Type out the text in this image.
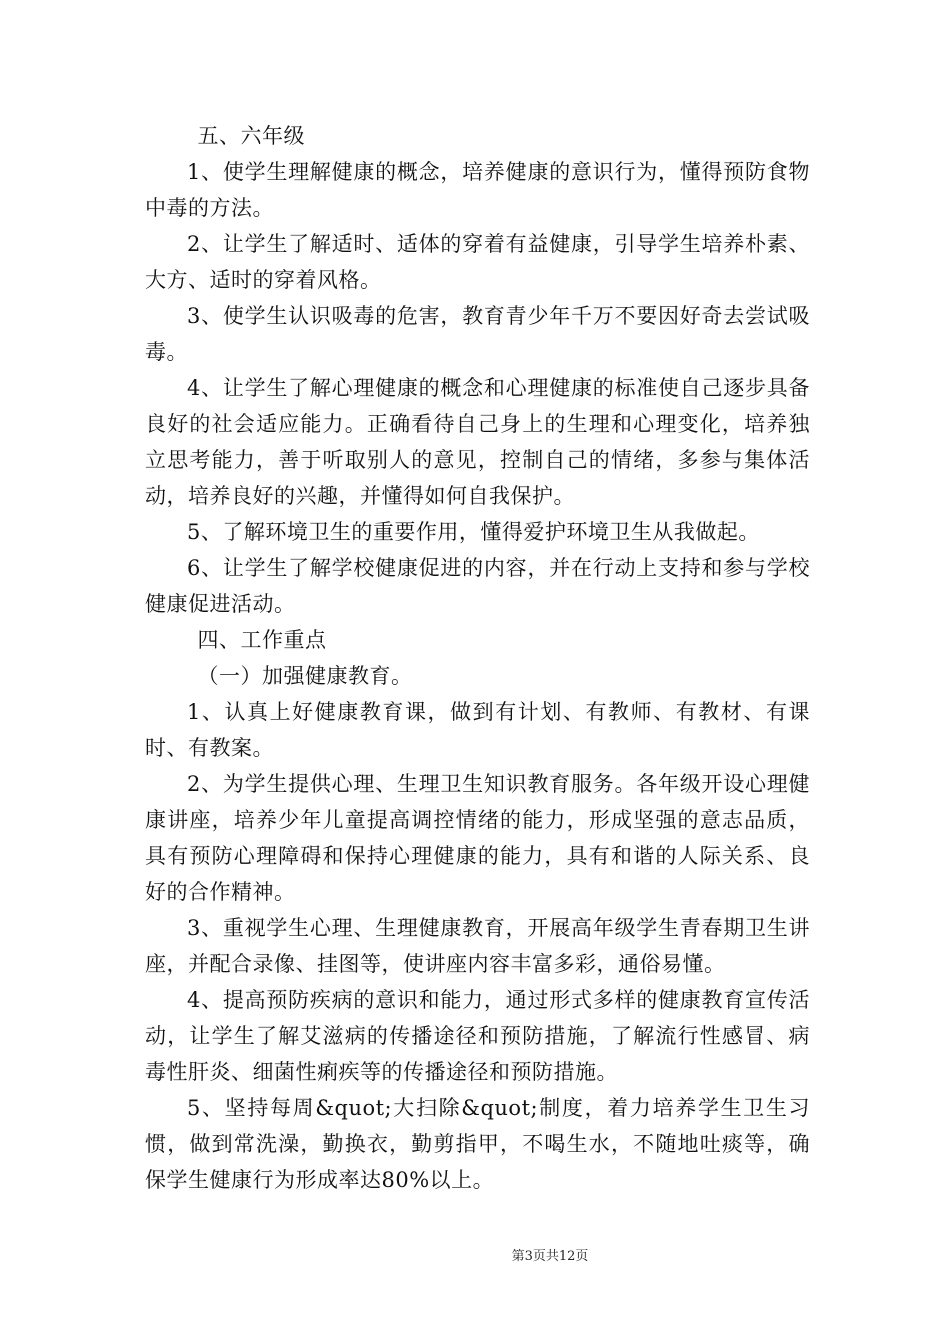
五、六年级

1、使学生理解健康的概念，培养健康的意识行为，懂得预防食物中毒的方法。

2、让学生了解适时、适体的穿着有益健康，引导学生培养朴素、大方、适时的穿着风格。

3、使学生认识吸毒的危害，教育青少年千万不要因好奇去尝试吸毒。

4、让学生了解心理健康的概念和心理健康的标准使自己逐步具备良好的社会适应能力。正确看待自己身上的生理和心理变化，培养独立思考能力，善于听取别人的意见，控制自己的情绪，多参与集体活动，培养良好的兴趣，并懂得如何自我保护。

5、了解环境卫生的重要作用，懂得爱护环境卫生从我做起。

6、让学生了解学校健康促进的内容，并在行动上支持和参与学校健康促进活动。

四、工作重点

（一）加强健康教育。

1、认真上好健康教育课，做到有计划、有教师、有教材、有课时、有教案。

2、为学生提供心理、生理卫生知识教育服务。各年级开设心理健康讲座，培养少年儿童提高调控情绪的能力，形成坚强的意志品质，具有预防心理障碍和保持心理健康的能力，具有和谐的人际关系、良好的合作精神。

3、重视学生心理、生理健康教育，开展高年级学生青春期卫生讲座，并配合录像、挂图等，使讲座内容丰富多彩，通俗易懂。

4、提高预防疾病的意识和能力，通过形式多样的健康教育宣传活动，让学生了解艾滋病的传播途径和预防措施，了解流行性感冒、病毒性肝炎、细菌性痢疾等的传播途径和预防措施。

5、坚持每周&quot;大扫除&quot;制度，着力培养学生卫生习惯，做到常洗澡，勤换衣，勤剪指甲，不喝生水，不随地吐痰等，确保学生健康行为形成率达80%以上。

第3页共12页
